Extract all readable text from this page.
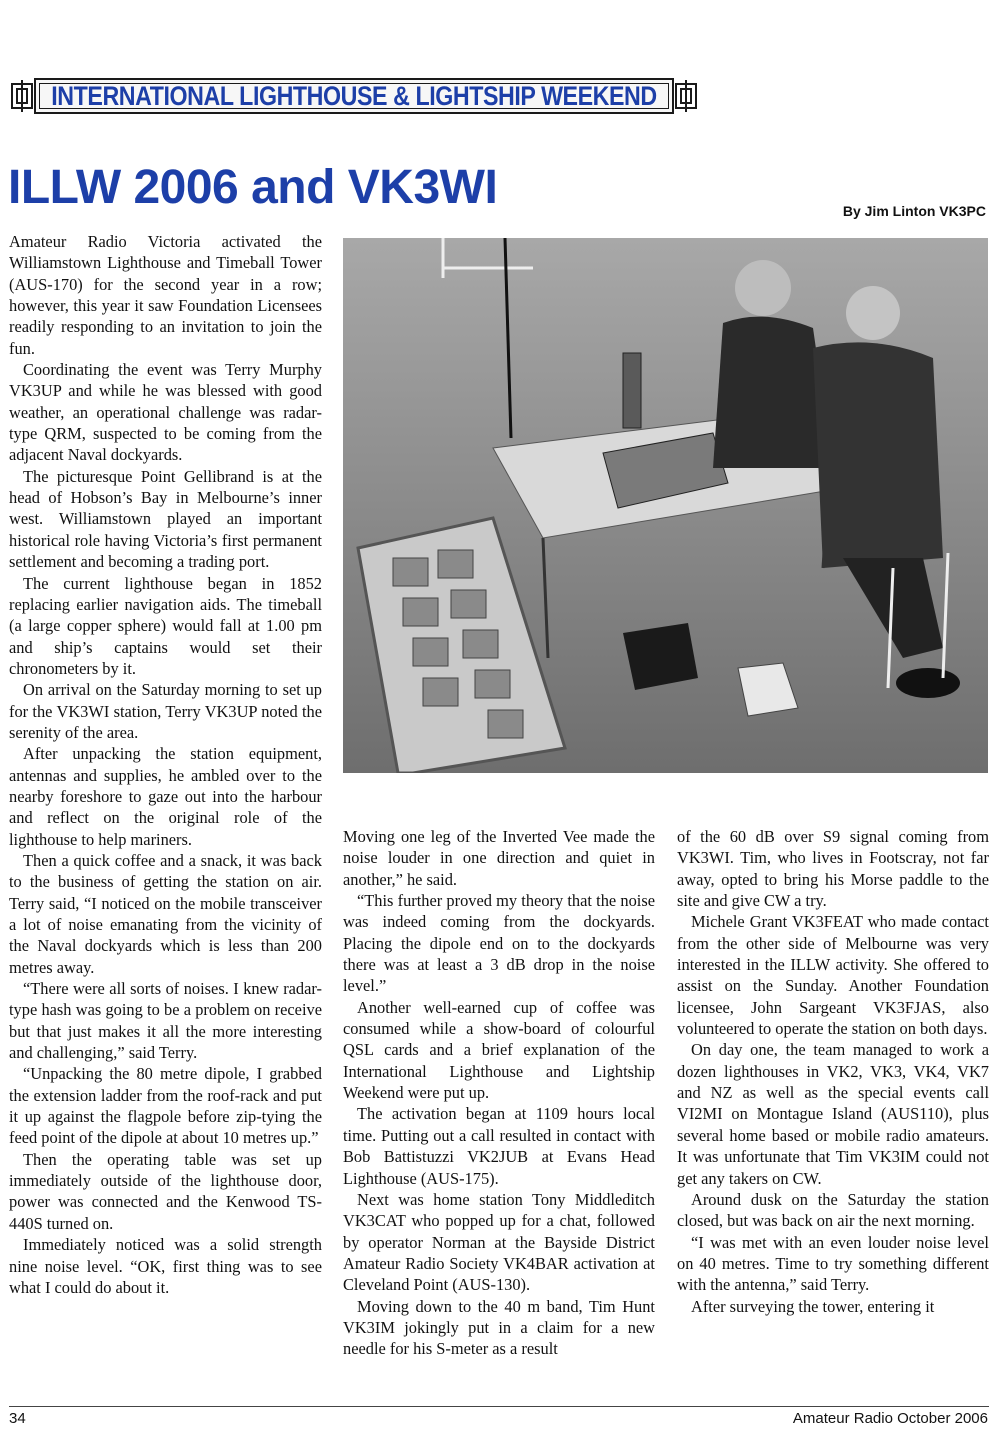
INTERNATIONAL LIGHTHOUSE & LIGHTSHIP WEEKEND
ILLW 2006 and VK3WI	By Jim Linton VK3PC

Amateur Radio Victoria activated the Williamstown Lighthouse and Timeball Tower (AUS-170) for the second year in a row; however, this year it saw Foundation Licensees readily responding to an invitation to join the fun.

Coordinating the event was Terry Murphy VK3UP and while he was blessed with good weather, an operational challenge was radar-type QRM, suspected to be coming from the adjacent Naval dockyards.

The picturesque Point Gellibrand is at the head of Hobson’s Bay in Melbourne’s inner west. Williamstown played an important historical role having Victoria’s first permanent settlement and becoming a trading port.

The current lighthouse began in 1852 replacing earlier navigation aids. The timeball (a large copper sphere) would fall at 1.00 pm and ship’s captains would set their chronometers by it.

On arrival on the Saturday morning to set up for the VK3WI station, Terry VK3UP noted the serenity of the area.

After unpacking the station equipment, antennas and supplies, he ambled over to the nearby foreshore to gaze out into the harbour and reflect on the original role of the lighthouse to help mariners.

Then a quick coffee and a snack, it was back to the business of getting the station on air. Terry said, “I noticed on the mobile transceiver a lot of noise emanating from the vicinity of the Naval dockyards which is less than 200 metres away.

“There were all sorts of noises. I knew radar-type hash was going to be a problem on receive but that just makes it all the more interesting and challenging,” said Terry.

“Unpacking the 80 metre dipole, I grabbed the extension ladder from the roof-rack and put it up against the flagpole before zip-tying the feed point of the dipole at about 10 metres up.”

Then the operating table was set up immediately outside of the lighthouse door, power was connected and the Kenwood TS-440S turned on.

Immediately noticed was a solid strength nine noise level. “OK, first thing was to see what I could do about it.

Moving one leg of the Inverted Vee made the noise louder in one direction and quiet in another,” he said.

“This further proved my theory that the noise was indeed coming from the dockyards. Placing the dipole end on to the dockyards there was at least a 3 dB drop in the noise level.”

Another well-earned cup of coffee was consumed while a show-board of colourful QSL cards and a brief explanation of the International Lighthouse and Lightship Weekend were put up.

The activation began at 1109 hours local time. Putting out a call resulted in contact with Bob Battistuzzi VK2JUB at Evans Head Lighthouse (AUS-175).

Next was home station Tony Middleditch VK3CAT who popped up for a chat, followed by operator Norman at the Bayside District Amateur Radio Society VK4BAR activation at Cleveland Point (AUS-130).

Moving down to the 40 m band, Tim Hunt VK3IM jokingly put in a claim for a new needle for his S-meter as a result

of the 60 dB over S9 signal coming from VK3WI. Tim, who lives in Footscray, not far away, opted to bring his Morse paddle to the site and give CW a try.

Michele Grant VK3FEAT who made contact from the other side of Melbourne was very interested in the ILLW activity. She offered to assist on the Sunday. Another Foundation licensee, John Sargeant VK3FJAS, also volunteered to operate the station on both days.

On day one, the team managed to work a dozen lighthouses in VK2, VK3, VK4, VK7 and NZ as well as the special events call VI2MI on Montague Island (AUS110), plus several home based or mobile radio amateurs. It was unfortunate that Tim VK3IM could not get any takers on CW.

Around dusk on the Saturday the station closed, but was back on air the next morning.

“I was met with an even louder noise level on 40 metres. Time to try something different with the antenna,” said Terry.

After surveying the tower, entering it

34	Amateur Radio October 2006
